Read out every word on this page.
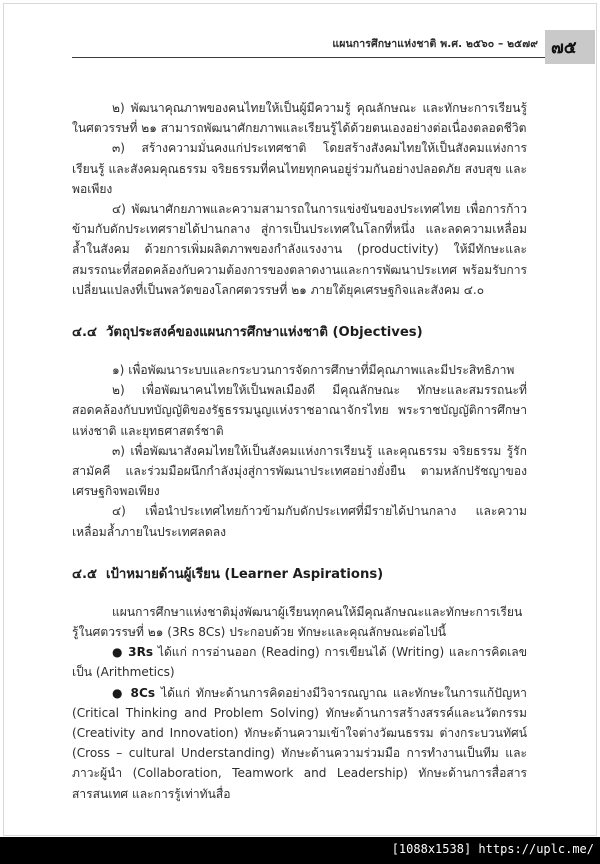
แผนการศึกษาแห่งชาติ พ.ศ. ๒๕๖๐ – ๒๕๗๙ ๗๕

๒) พัฒนาคุณภาพของคนไทยให้เป็นผู้มีความรู้ คุณลักษณะ และทักษะการเรียนรู้ในศตวรรษที่ ๒๑ สามารถพัฒนาศักยภาพและเรียนรู้ได้ด้วยตนเองอย่างต่อเนื่องตลอดชีวิต

๓) สร้างความมั่นคงแก่ประเทศชาติ โดยสร้างสังคมไทยให้เป็นสังคมแห่งการเรียนรู้ และสังคมคุณธรรม จริยธรรมที่คนไทยทุกคนอยู่ร่วมกันอย่างปลอดภัย สงบสุข และพอเพียง

๔) พัฒนาศักยภาพและความสามารถในการแข่งขันของประเทศไทย เพื่อการก้าวข้ามกับดักประเทศรายได้ปานกลาง สู่การเป็นประเทศในโลกที่หนึ่ง และลดความเหลื่อมล้ำในสังคม ด้วยการเพิ่มผลิตภาพของกำลังแรงงาน (productivity) ให้มีทักษะและสมรรถนะที่สอดคล้องกับความต้องการของตลาดงานและการพัฒนาประเทศ พร้อมรับการเปลี่ยนแปลงที่เป็นพลวัตของโลกศตวรรษที่ ๒๑ ภายใต้ยุคเศรษฐกิจและสังคม ๔.๐

๔.๔ วัตถุประสงค์ของแผนการศึกษาแห่งชาติ (Objectives)

๑) เพื่อพัฒนาระบบและกระบวนการจัดการศึกษาที่มีคุณภาพและมีประสิทธิภาพ

๒) เพื่อพัฒนาคนไทยให้เป็นพลเมืองดี มีคุณลักษณะ ทักษะและสมรรถนะที่สอดคล้องกับบทบัญญัติของรัฐธรรมนูญแห่งราชอาณาจักรไทย พระราชบัญญัติการศึกษาแห่งชาติ และยุทธศาสตร์ชาติ

๓) เพื่อพัฒนาสังคมไทยให้เป็นสังคมแห่งการเรียนรู้ และคุณธรรม จริยธรรม รู้รักสามัคคี และร่วมมือผนึกกำลังมุ่งสู่การพัฒนาประเทศอย่างยั่งยืน ตามหลักปรัชญาของเศรษฐกิจพอเพียง

๔) เพื่อนำประเทศไทยก้าวข้ามกับดักประเทศที่มีรายได้ปานกลาง และความเหลื่อมล้ำภายในประเทศลดลง

๔.๕ เป้าหมายด้านผู้เรียน (Learner Aspirations)

แผนการศึกษาแห่งชาติมุ่งพัฒนาผู้เรียนทุกคนให้มีคุณลักษณะและทักษะการเรียนรู้ในศตวรรษที่ ๒๑ (3Rs 8Cs) ประกอบด้วย ทักษะและคุณลักษณะต่อไปนี้

● 3Rs ได้แก่ การอ่านออก (Reading) การเขียนได้ (Writing) และการคิดเลขเป็น (Arithmetics)

● 8Cs ได้แก่ ทักษะด้านการคิดอย่างมีวิจารณญาณ และทักษะในการแก้ปัญหา (Critical Thinking and Problem Solving) ทักษะด้านการสร้างสรรค์และนวัตกรรม (Creativity and Innovation) ทักษะด้านความเข้าใจต่างวัฒนธรรม ต่างกระบวนทัศน์ (Cross – cultural Understanding) ทักษะด้านความร่วมมือ การทำงานเป็นทีม และภาวะผู้นำ (Collaboration, Teamwork and Leadership) ทักษะด้านการสื่อสาร สารสนเทศ และการรู้เท่าทันสื่อ

[1088x1538] https://uplc.me/
